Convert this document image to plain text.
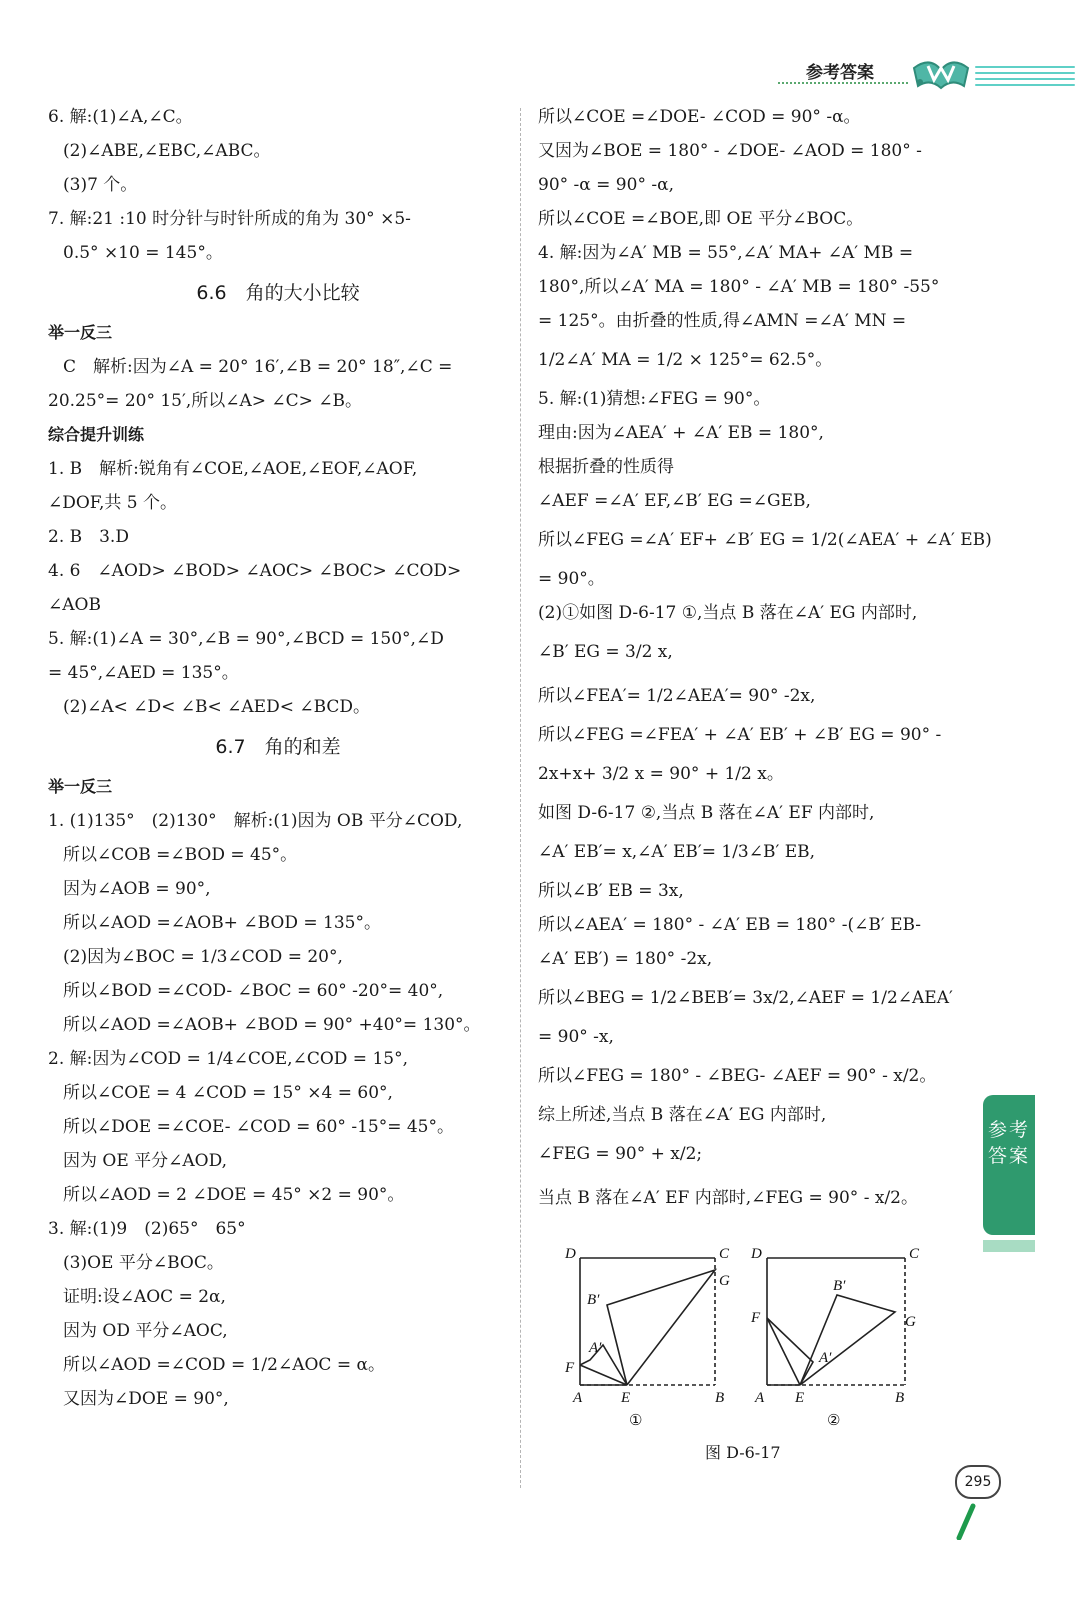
参考答案
6. 解:(1)∠A,∠C。
(2)∠ABE,∠EBC,∠ABC。
(3)7 个。
7. 解:21 :10 时分针与时针所成的角为 30° ×5-
0.5° ×10 = 145°。
6.6　角的大小比较
举一反三
C　解析:因为∠A = 20° 16′,∠B = 20° 18″,∠C =
20.25°= 20° 15′,所以∠A> ∠C> ∠B。
综合提升训练
1. B　解析:锐角有∠COE,∠AOE,∠EOF,∠AOF,
∠DOF,共 5 个。
2. B　3.D
4. 6　∠AOD> ∠BOD> ∠AOC> ∠BOC> ∠COD>
∠AOB
5. 解:(1)∠A = 30°,∠B = 90°,∠BCD = 150°,∠D
= 45°,∠AED = 135°。
(2)∠A< ∠D< ∠B< ∠AED< ∠BCD。
6.7　角的和差
举一反三
1. (1)135°　(2)130°　解析:(1)因为 OB 平分∠COD,
所以∠COB =∠BOD = 45°。
因为∠AOB = 90°,
所以∠AOD =∠AOB+ ∠BOD = 135°。
(2)因为∠BOC = 1/3∠COD = 20°,
所以∠BOD =∠COD- ∠BOC = 60° -20°= 40°,
所以∠AOD =∠AOB+ ∠BOD = 90° +40°= 130°。
2. 解:因为∠COD = 1/4∠COE,∠COD = 15°,
所以∠COE = 4 ∠COD = 15° ×4 = 60°,
所以∠DOE =∠COE- ∠COD = 60° -15°= 45°。
因为 OE 平分∠AOD,
所以∠AOD = 2 ∠DOE = 45° ×2 = 90°。
3. 解:(1)9　(2)65°　65°
(3)OE 平分∠BOC。
证明:设∠AOC = 2α,
因为 OD 平分∠AOC,
所以∠AOD =∠COD = 1/2∠AOC = α。
又因为∠DOE = 90°,
所以∠COE =∠DOE- ∠COD = 90° -α。
又因为∠BOE = 180° - ∠DOE- ∠AOD = 180° -
90° -α = 90° -α,
所以∠COE =∠BOE,即 OE 平分∠BOC。
4. 解:因为∠A′ MB = 55°,∠A′ MA+ ∠A′ MB =
180°,所以∠A′ MA = 180° - ∠A′ MB = 180° -55°
= 125°。由折叠的性质,得∠AMN =∠A′ MN =
1/2∠A′ MA = 1/2 × 125°= 62.5°。
5. 解:(1)猜想:∠FEG = 90°。
理由:因为∠AEA′ + ∠A′ EB = 180°,
根据折叠的性质得
∠AEF =∠A′ EF,∠B′ EG =∠GEB,
所以∠FEG =∠A′ EF+ ∠B′ EG = 1/2(∠AEA′ + ∠A′ EB)
= 90°。
(2)①如图 D-6-17 ①,当点 B 落在∠A′ EG 内部时,
∠B′ EG = 3/2 x,
所以∠FEA′= 1/2∠AEA′= 90° -2x,
所以∠FEG =∠FEA′ + ∠A′ EB′ + ∠B′ EG = 90° -
2x+x+ 3/2 x = 90° + 1/2 x。
如图 D-6-17 ②,当点 B 落在∠A′ EF 内部时,
∠A′ EB′= x,∠A′ EB′= 1/3∠B′ EB,
所以∠B′ EB = 3x,
所以∠AEA′ = 180° - ∠A′ EB = 180° -(∠B′ EB-
∠A′ EB′) = 180° -2x,
所以∠BEG = 1/2∠BEB′= 3x/2,∠AEF = 1/2∠AEA′
= 90° -x,
所以∠FEG = 180° - ∠BEG- ∠AEF = 90° - x/2。
综上所述,当点 B 落在∠A′ EG 内部时,
∠FEG = 90° + x/2;
当点 B 落在∠A′ EF 内部时,∠FEG = 90° - x/2。
D	C
G
B′
A′
F
A	E	B
①
D	C
B′
F	G
A′
A E	B
②
图 D-6-17
参考答案
295
